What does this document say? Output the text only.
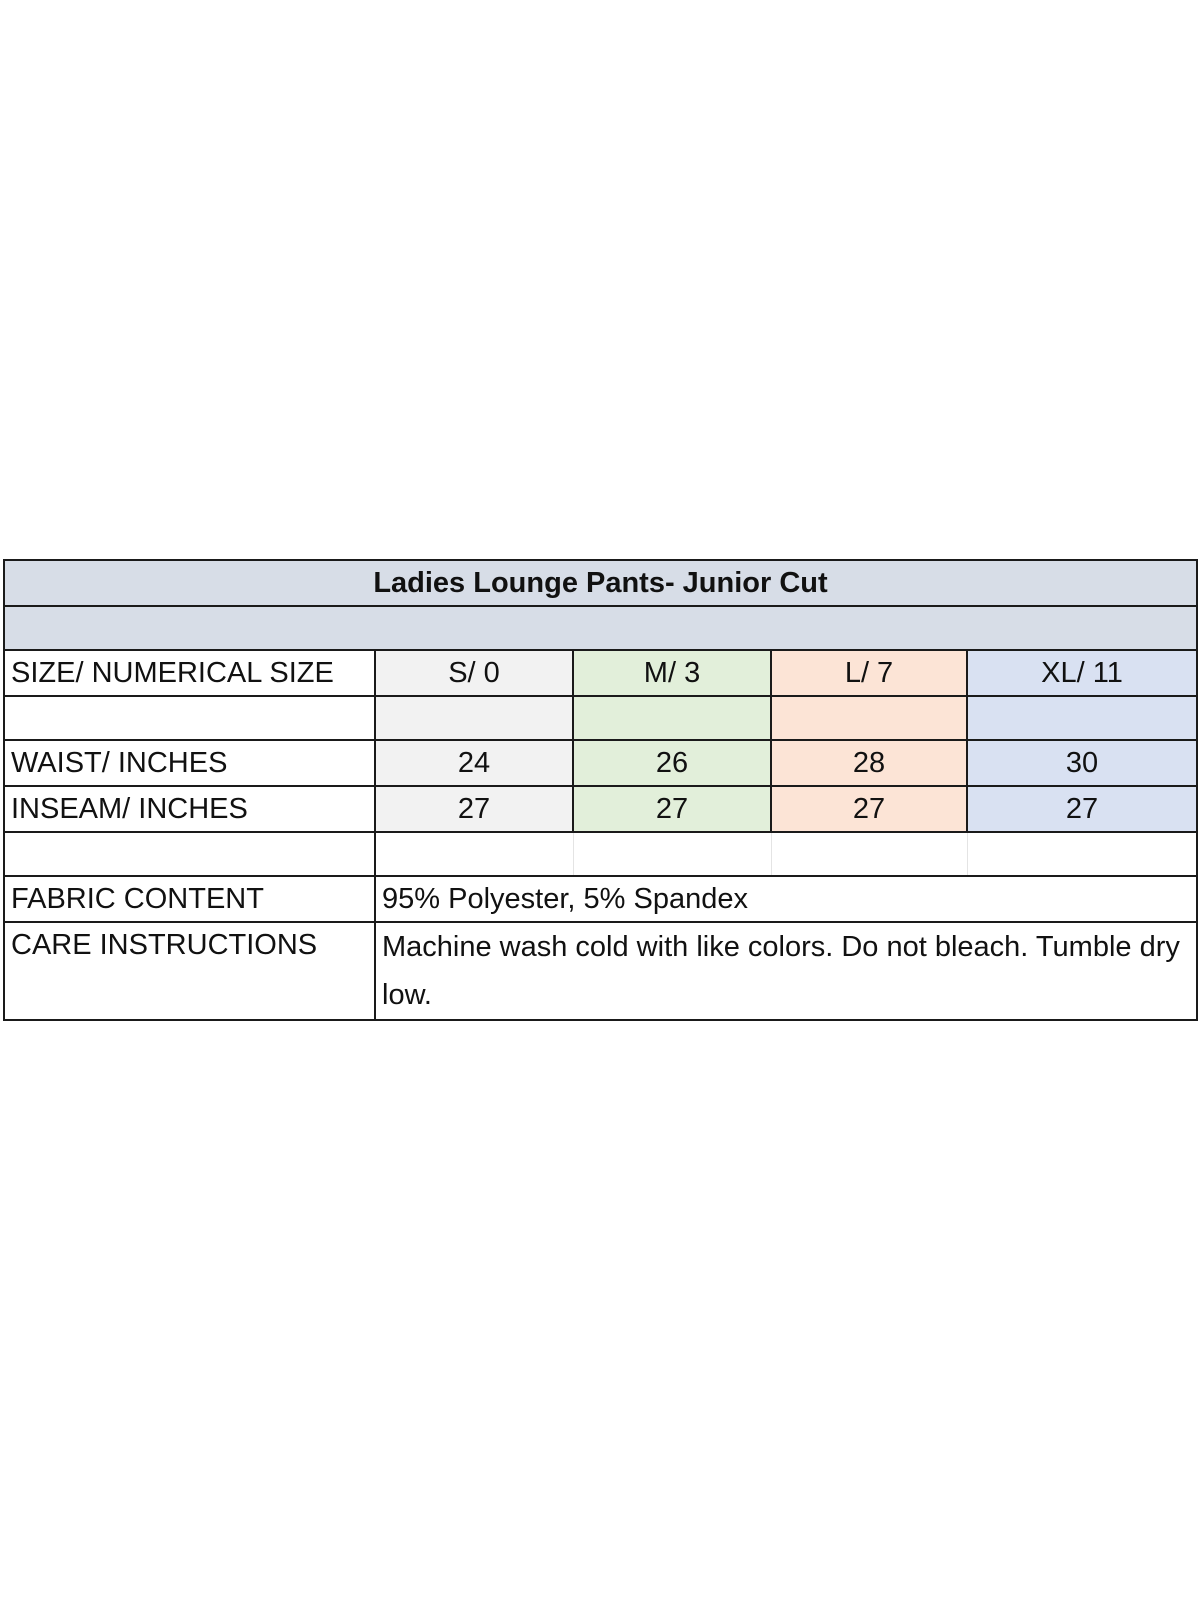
Ladies Lounge Pants- Junior Cut				

SIZE/ NUMERICAL SIZE	S/ 0	M/ 3	L/ 7	XL/ 11

WAIST/ INCHES	24	26	28	30
INSEAM/ INCHES	27	27	27	27

FABRIC CONTENT	95% Polyester, 5% Spandex			
CARE INSTRUCTIONS	Machine wash cold with like colors. Do not bleach. Tumble dry low.			
